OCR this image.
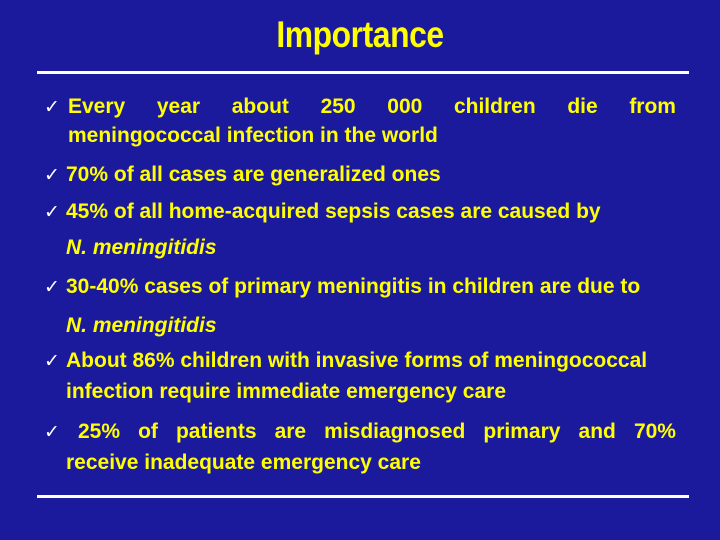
Importance
✓ Every year about 250 000 children die from
meningococcal infection in the world
✓ 70% of all cases are generalized ones
✓ 45% of all home-acquired sepsis cases are caused by
N. meningitidis
✓ 30-40% cases of primary meningitis in children are due to
N. meningitidis
✓ About 86% children with invasive forms of meningococcal
infection require immediate emergency care
✓ 25% of patients are misdiagnosed primary and 70%
receive inadequate emergency care
